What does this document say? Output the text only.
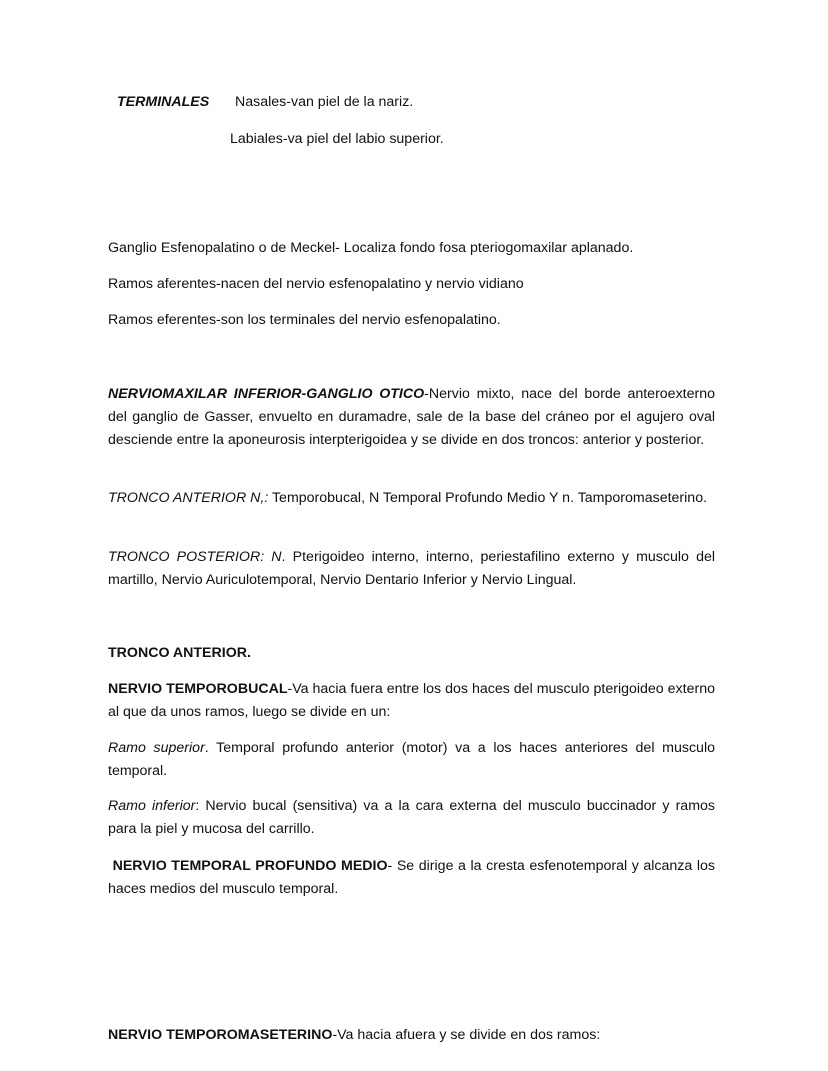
TERMINALES	Nasales-van piel de la nariz.
Labiales-va piel del labio superior.
Ganglio Esfenopalatino o de Meckel- Localiza fondo fosa pteriogomaxilar aplanado.
Ramos aferentes-nacen del nervio esfenopalatino y nervio vidiano
Ramos eferentes-son los terminales del nervio esfenopalatino.

NERVIOMAXILAR INFERIOR-GANGLIO OTICO-Nervio mixto, nace del borde anteroexterno del ganglio de Gasser, envuelto en duramadre, sale de la base del cráneo por el agujero oval desciende entre la aponeurosis interpterigoidea y se divide en dos troncos: anterior y posterior.

TRONCO ANTERIOR N,: Temporobucal, N Temporal Profundo Medio Y n. Tamporomaseterino.

TRONCO POSTERIOR: N. Pterigoideo interno, interno, periestafilino externo y musculo del martillo, Nervio Auriculotemporal, Nervio Dentario Inferior y Nervio Lingual.

TRONCO ANTERIOR.

NERVIO TEMPOROBUCAL-Va hacia fuera entre los dos haces del musculo pterigoideo externo al que da unos ramos, luego se divide en un:

Ramo superior. Temporal profundo anterior (motor) va a los haces anteriores del musculo temporal.

Ramo inferior: Nervio bucal (sensitiva) va a la cara externa del musculo buccinador y ramos para la piel y mucosa del carrillo.

NERVIO TEMPORAL PROFUNDO MEDIO- Se dirige a la cresta esfenotemporal y alcanza los haces medios del musculo temporal.

NERVIO TEMPOROMASETERINO-Va hacia afuera y se divide en dos ramos:
